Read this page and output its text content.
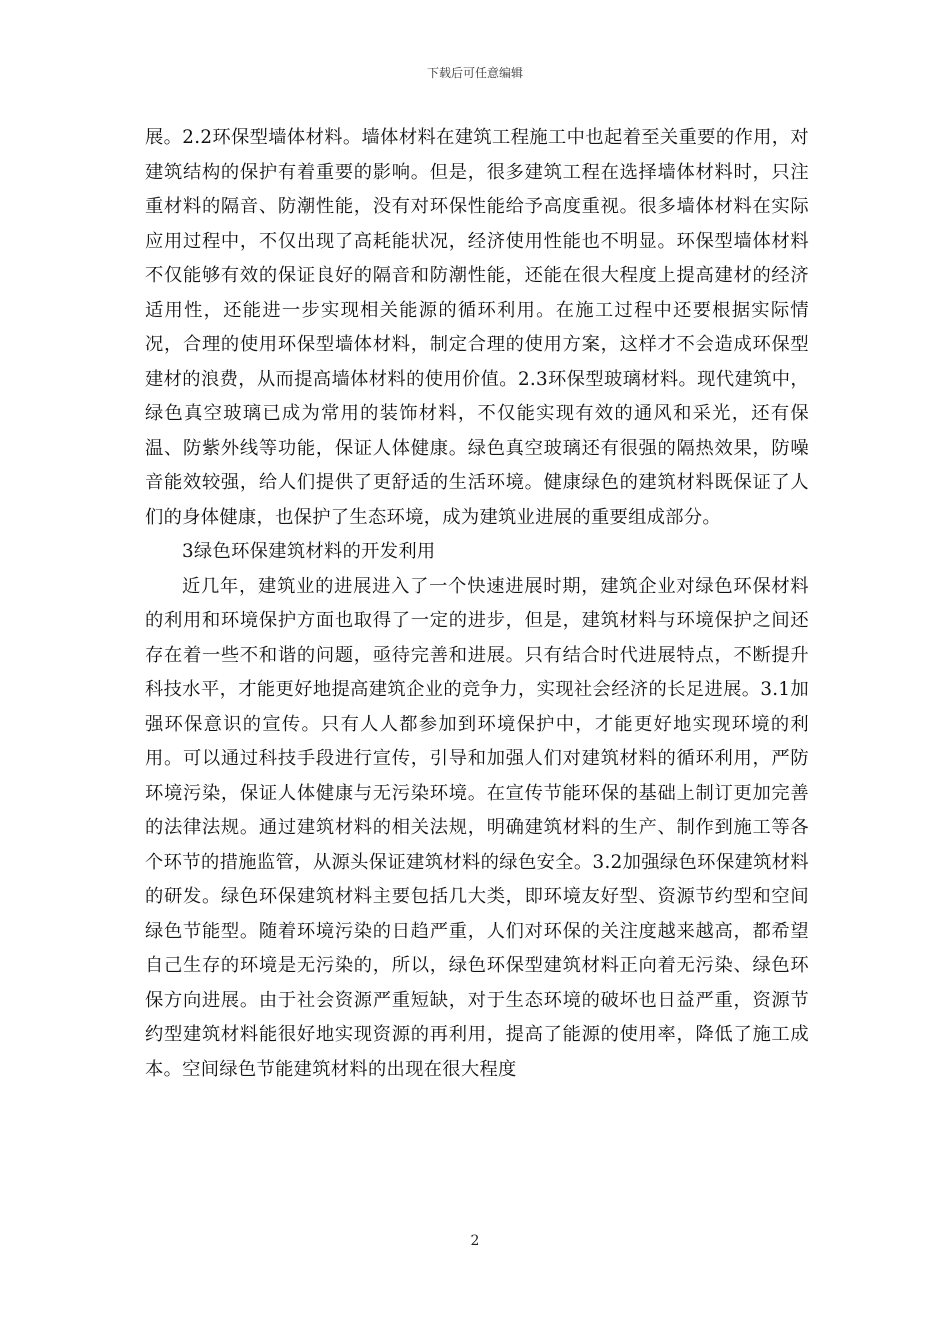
下载后可任意编辑

展。2.2环保型墙体材料。墙体材料在建筑工程施工中也起着至关重要的作用，对建筑结构的保护有着重要的影响。但是，很多建筑工程在选择墙体材料时，只注重材料的隔音、防潮性能，没有对环保性能给予高度重视。很多墙体材料在实际应用过程中，不仅出现了高耗能状况，经济使用性能也不明显。环保型墙体材料不仅能够有效的保证良好的隔音和防潮性能，还能在很大程度上提高建材的经济适用性，还能进一步实现相关能源的循环利用。在施工过程中还要根据实际情况，合理的使用环保型墙体材料，制定合理的使用方案，这样才不会造成环保型建材的浪费，从而提高墙体材料的使用价值。2.3环保型玻璃材料。现代建筑中，绿色真空玻璃已成为常用的装饰材料，不仅能实现有效的通风和采光，还有保温、防紫外线等功能，保证人体健康。绿色真空玻璃还有很强的隔热效果，防噪音能效较强，给人们提供了更舒适的生活环境。健康绿色的建筑材料既保证了人们的身体健康，也保护了生态环境，成为建筑业进展的重要组成部分。

3绿色环保建筑材料的开发利用

近几年，建筑业的进展进入了一个快速进展时期，建筑企业对绿色环保材料的利用和环境保护方面也取得了一定的进步，但是，建筑材料与环境保护之间还存在着一些不和谐的问题，亟待完善和进展。只有结合时代进展特点，不断提升科技水平，才能更好地提高建筑企业的竞争力，实现社会经济的长足进展。3.1加强环保意识的宣传。只有人人都参加到环境保护中，才能更好地实现环境的利用。可以通过科技手段进行宣传，引导和加强人们对建筑材料的循环利用，严防环境污染，保证人体健康与无污染环境。在宣传节能环保的基础上制订更加完善的法律法规。通过建筑材料的相关法规，明确建筑材料的生产、制作到施工等各个环节的措施监管，从源头保证建筑材料的绿色安全。3.2加强绿色环保建筑材料的研发。绿色环保建筑材料主要包括几大类，即环境友好型、资源节约型和空间绿色节能型。随着环境污染的日趋严重，人们对环保的关注度越来越高，都希望自己生存的环境是无污染的，所以，绿色环保型建筑材料正向着无污染、绿色环保方向进展。由于社会资源严重短缺，对于生态环境的破坏也日益严重，资源节约型建筑材料能很好地实现资源的再利用，提高了能源的使用率，降低了施工成本。空间绿色节能建筑材料的出现在很大程度

2
